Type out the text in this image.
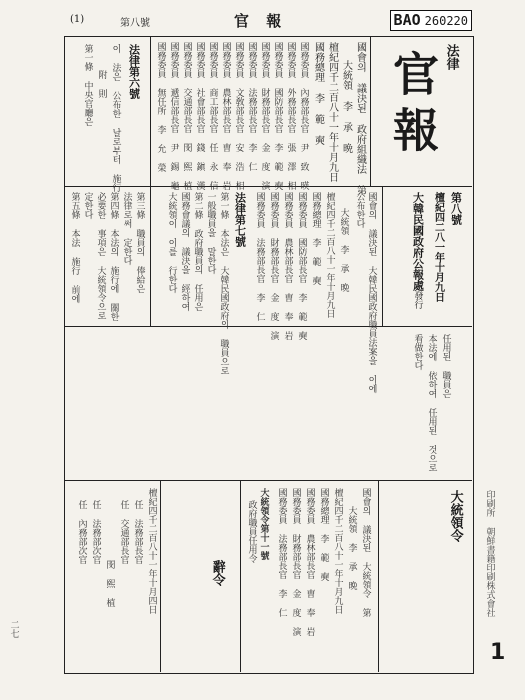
(1)	第八號	官 報	BAO 260220
法律
官報
第八號
檀紀四二八一年十月九日
大韓民國政府公報處發行
國會의 議決된 政府組織法 第
大統領 李 承 晩
檀紀四千二百八十一年十月九日
國務總理 李 範 奭
國務委員 內務部長官 尹 致 暎
國務委員 外務部長官 張 澤 相
國務委員 國防部長官 李 範 奭
國務委員 財務部長官 金 度 演
國務委員 法務部長官 李 仁
國務委員 文敎部長官 安 浩 相
國務委員 農林部長官 曺 奉 岩
國務委員 商工部長官 任 永 信
國務委員 社會部長官 錢 鎭 漢
國務委員 交通部長官 閔 熙 植
國務委員 遞信部長官 尹 錫 龜
國務委員 無任所 李 允 榮
法律第六號
이 法은 公布한 날로부터 施行
附 則
第一條 中央官廳은
國會의 議決된 大韓民國政府職員法案을 이에
公布한다
大統領 李 承 晩
檀紀四千二百八十一年十月九日
國務總理 李 範 奭
國務委員 國防部長官 李 範 奭
國務委員 農林部長官 曺 奉 岩
國務委員 財務部長官 金 度 演
國務委員 法務部長官 李 仁
法律第七號
第一條 本法은 大韓民國政府의 職員으로
一般職員을 말한다
第二條 政府職員의 任用은
國務會議의 議決을 經하여
大統領이 이를 行한다
第三條 職員의 俸給은
法律로써 定한다
第四條 本法의 施行에 關한
必要한 事項은 大統領令으로
定한다
第五條 本法 施行 前에
任用된 職員은
本法에 依하여 任用된 것으로
看做한다
大統領令
國會의 議決된 大統領令 第
大統領 李 承 晩
檀紀四千二百八十一年十月九日
國務總理 李 範 奭
國務委員 農林部長官 曺 奉 岩
國務委員 財務部長官 金 度 演
國務委員 法務部長官 李 仁
大統領令第十一號
政府職員任用令
辭令
檀紀四千二百八十一年十月四日
任 法務部長官
任 交通部長官
閔 熙 植
任 法務部次官
任 內務部次官
二七
印刷所 朝鮮書籍印刷株式會社
1
